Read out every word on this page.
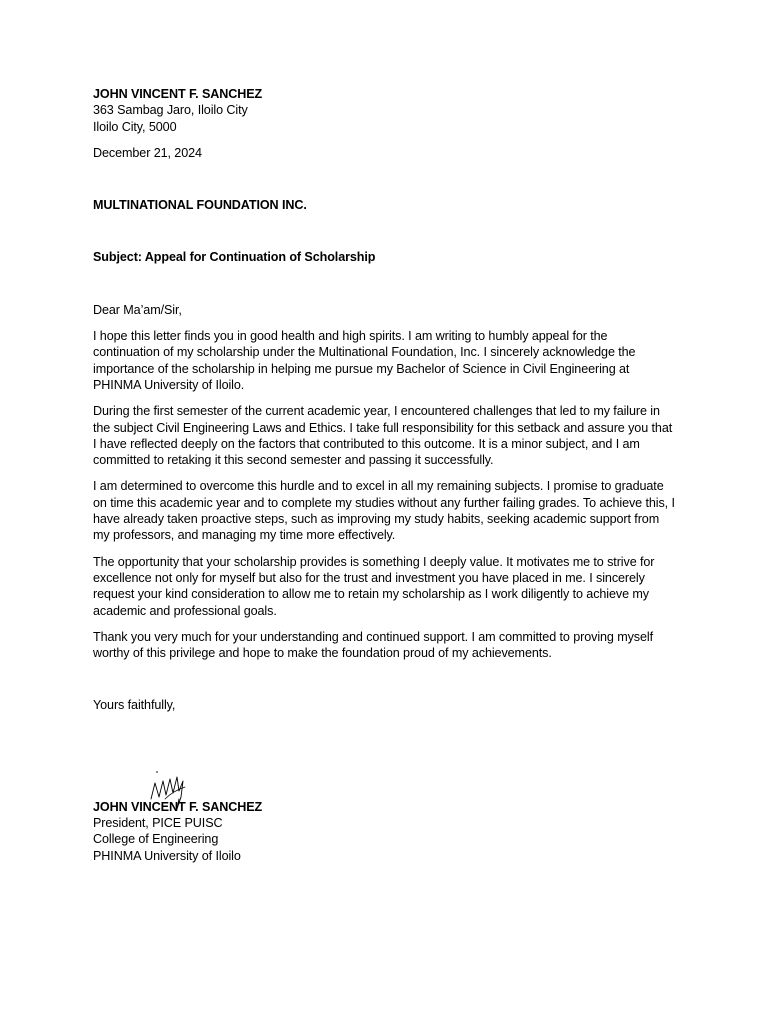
JOHN VINCENT F. SANCHEZ
363 Sambag Jaro, Iloilo City
Iloilo City, 5000
December 21, 2024
MULTINATIONAL FOUNDATION INC.
Subject: Appeal for Continuation of Scholarship
Dear Ma’am/Sir,

I hope this letter finds you in good health and high spirits. I am writing to humbly appeal for the continuation of my scholarship under the Multinational Foundation, Inc. I sincerely acknowledge the importance of the scholarship in helping me pursue my Bachelor of Science in Civil Engineering at PHINMA University of Iloilo.

During the first semester of the current academic year, I encountered challenges that led to my failure in the subject Civil Engineering Laws and Ethics. I take full responsibility for this setback and assure you that I have reflected deeply on the factors that contributed to this outcome. It is a minor subject, and I am committed to retaking it this second semester and passing it successfully.

I am determined to overcome this hurdle and to excel in all my remaining subjects. I promise to graduate on time this academic year and to complete my studies without any further failing grades. To achieve this, I have already taken proactive steps, such as improving my study habits, seeking academic support from my professors, and managing my time more effectively.

The opportunity that your scholarship provides is something I deeply value. It motivates me to strive for excellence not only for myself but also for the trust and investment you have placed in me. I sincerely request your kind consideration to allow me to retain my scholarship as I work diligently to achieve my academic and professional goals.

Thank you very much for your understanding and continued support. I am committed to proving myself worthy of this privilege and hope to make the foundation proud of my achievements.

Yours faithfully,
JOHN VINCENT F. SANCHEZ
President, PICE PUISC
College of Engineering
PHINMA University of Iloilo
